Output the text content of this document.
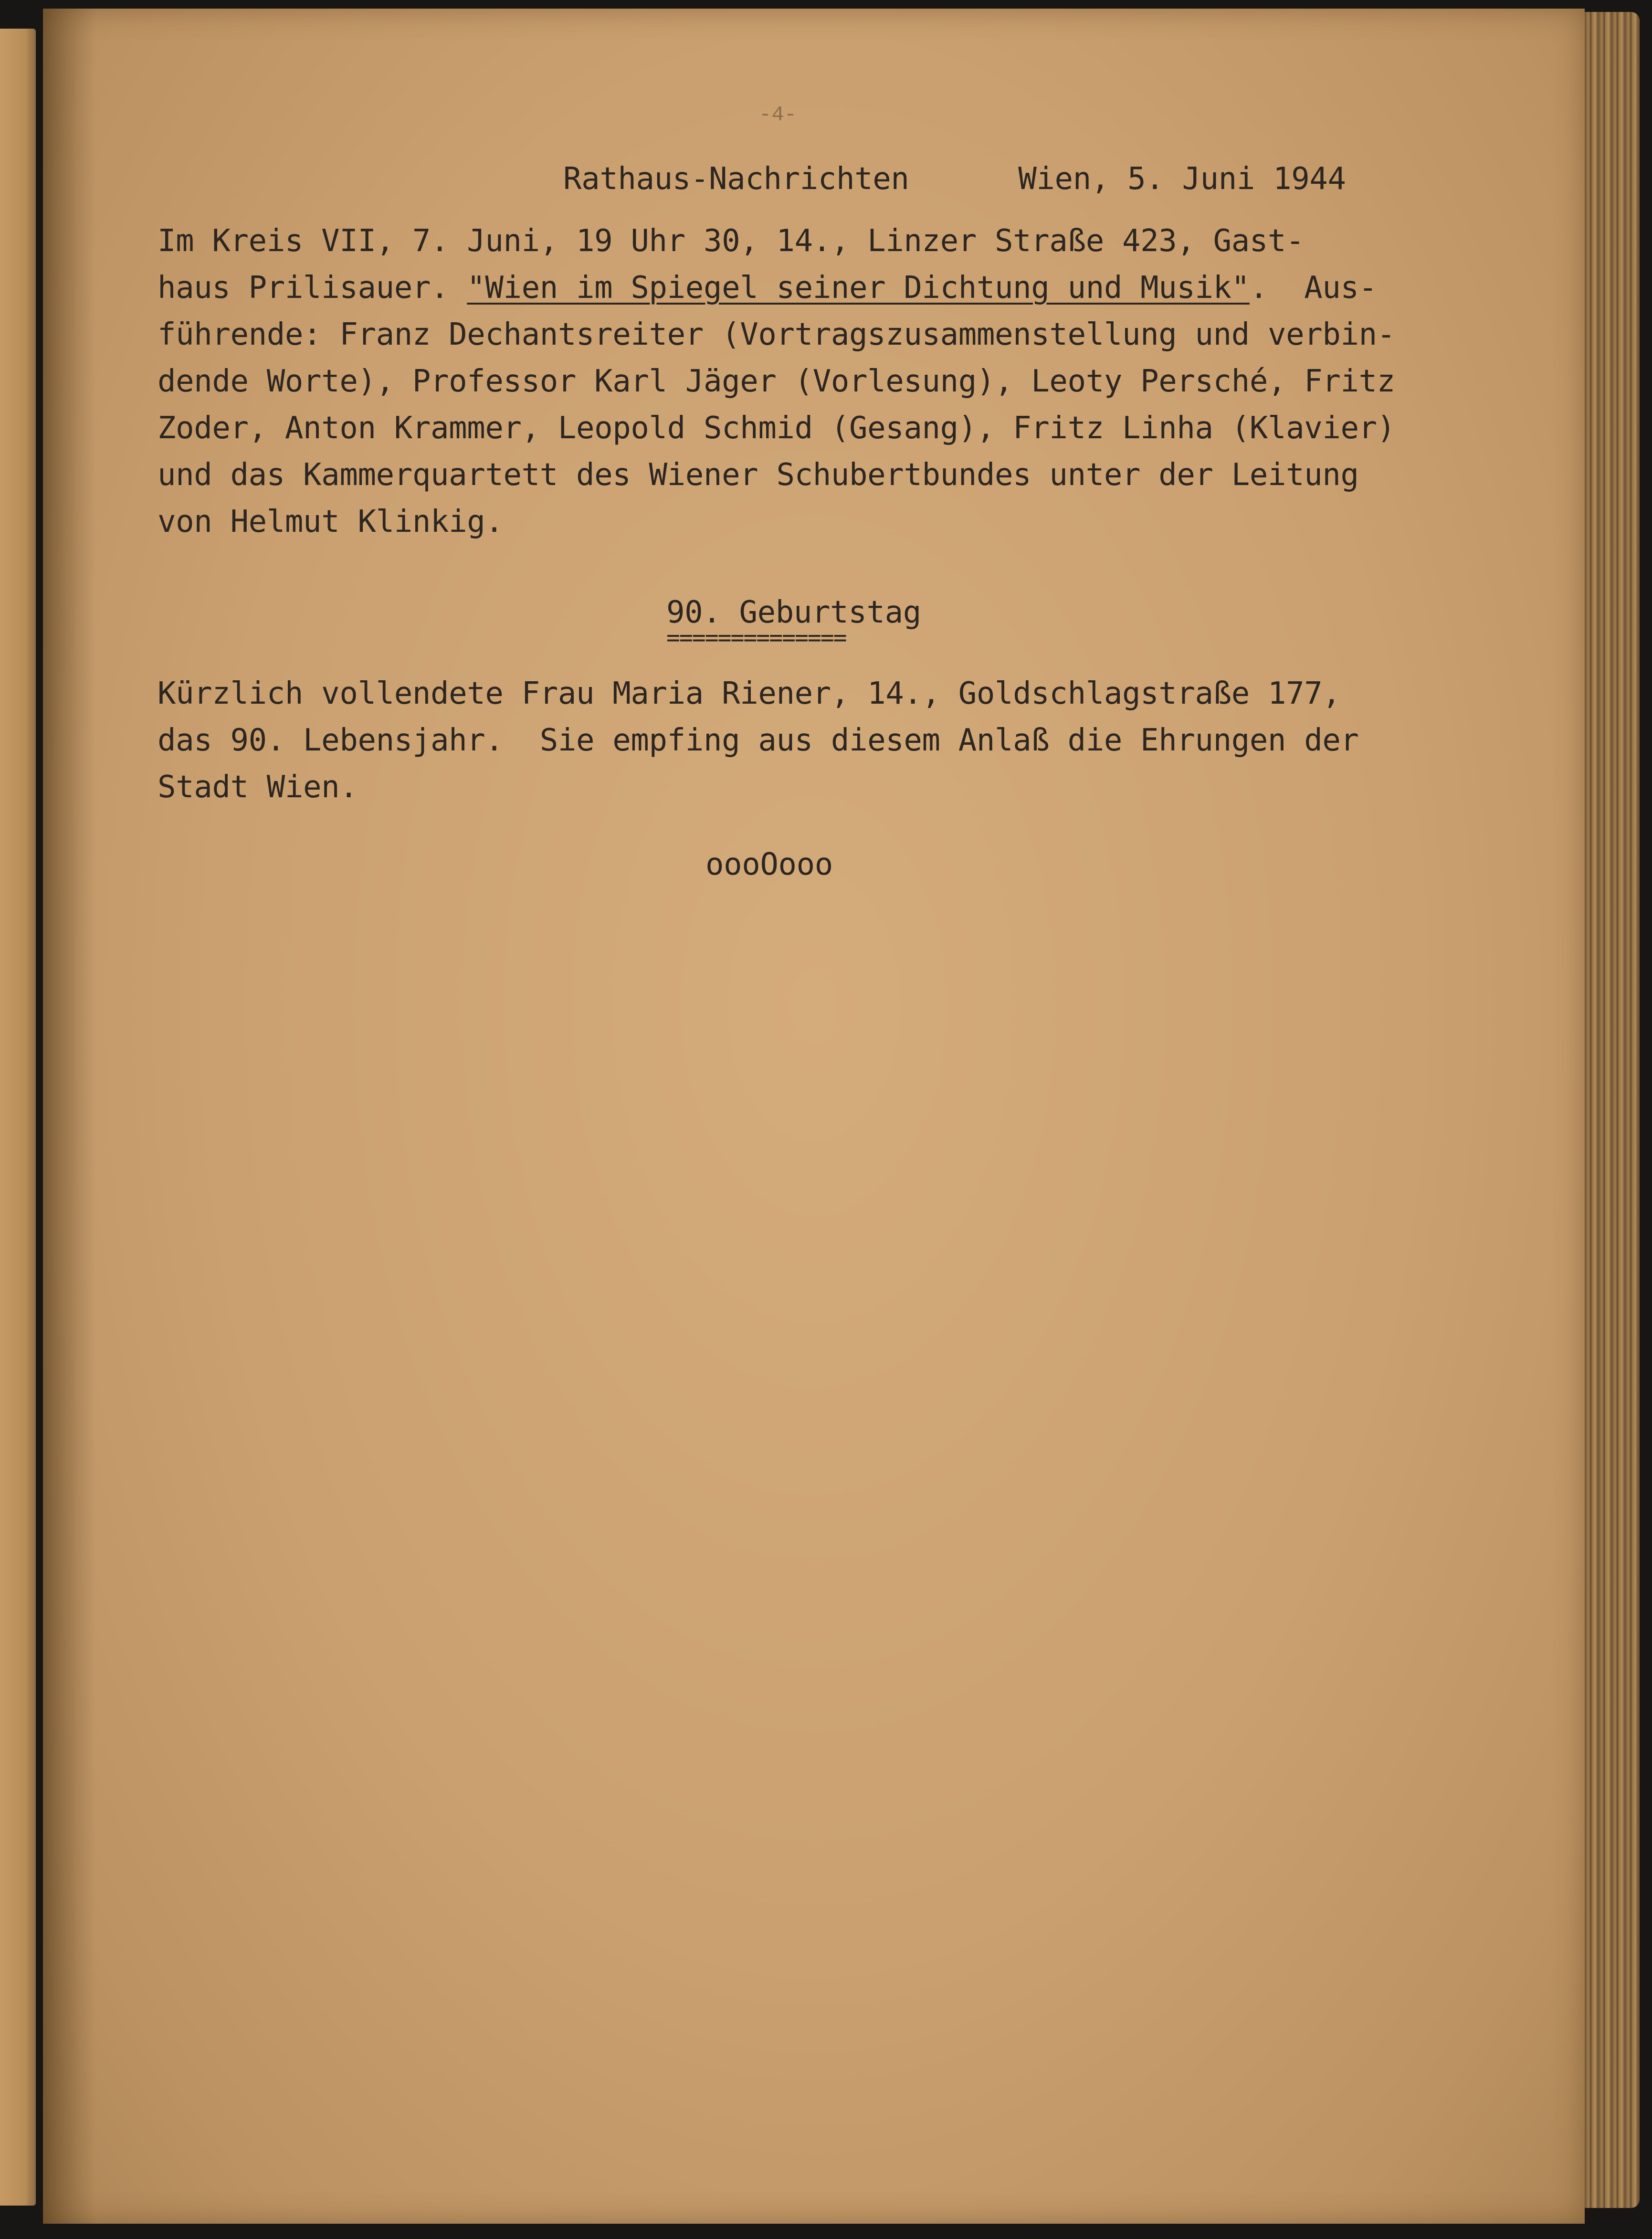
-4-
Rathaus-Nachrichten	Wien, 5. Juni 1944
Im Kreis VII, 7. Juni, 19 Uhr 30, 14., Linzer Straße 423, Gast-
haus Prilisauer. "Wien im Spiegel seiner Dichtung und Musik".  Aus-
führende: Franz Dechantsreiter (Vortragszusammenstellung und verbin-
dende Worte), Professor Karl Jäger (Vorlesung), Leoty Persché, Fritz
Zoder, Anton Krammer, Leopold Schmid (Gesang), Fritz Linha (Klavier)
und das Kammerquartett des Wiener Schubertbundes unter der Leitung
von Helmut Klinkig.
90. Geburtstag
==============
Kürzlich vollendete Frau Maria Riener, 14., Goldschlagstraße 177,
das 90. Lebensjahr.  Sie empfing aus diesem Anlaß die Ehrungen der
Stadt Wien.
oooOooo
